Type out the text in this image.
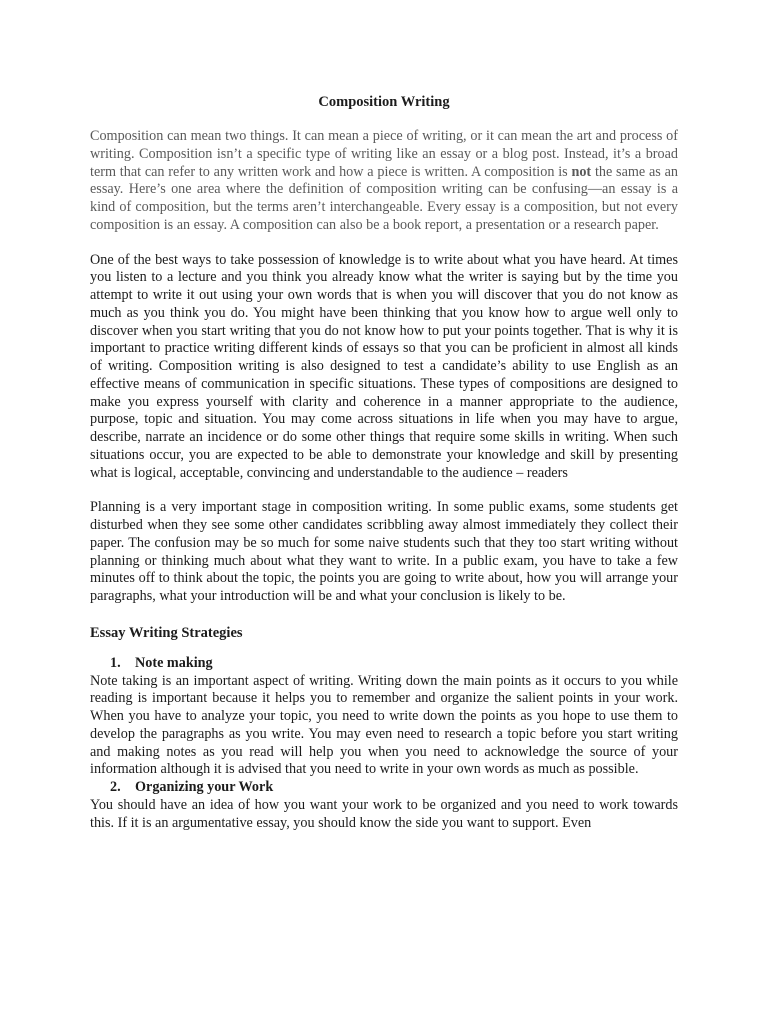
Composition Writing

Composition can mean two things. It can mean a piece of writing, or it can mean the art and process of writing. Composition isn’t a specific type of writing like an essay or a blog post. Instead, it’s a broad term that can refer to any written work and how a piece is written. A composition is not the same as an essay. Here’s one area where the definition of composition writing can be confusing—an essay is a kind of composition, but the terms aren’t interchangeable. Every essay is a composition, but not every composition is an essay. A composition can also be a book report, a presentation or a research paper.

One of the best ways to take possession of knowledge is to write about what you have heard. At times you listen to a lecture and you think you already know what the writer is saying but by the time you attempt to write it out using your own words that is when you will discover that you do not know as much as you think you do. You might have been thinking that you know how to argue well only to discover when you start writing that you do not know how to put your points together. That is why it is important to practice writing different kinds of essays so that you can be proficient in almost all kinds of writing. Composition writing is also designed to test a candidate’s ability to use English as an effective means of communication in specific situations. These types of compositions are designed to make you express yourself with clarity and coherence in a manner appropriate to the audience, purpose, topic and situation. You may come across situations in life when you may have to argue, describe, narrate an incidence or do some other things that require some skills in writing. When such situations occur, you are expected to be able to demonstrate your knowledge and skill by presenting what is logical, acceptable, convincing and understandable to the audience – readers

Planning is a very important stage in composition writing. In some public exams, some students get disturbed when they see some other candidates scribbling away almost immediately they collect their paper. The confusion may be so much for some naive students such that they too start writing without planning or thinking much about what they want to write. In a public exam, you have to take a few minutes off to think about the topic, the points you are going to write about, how you will arrange your paragraphs, what your introduction will be and what your conclusion is likely to be.

Essay Writing Strategies
1. Note making

Note taking is an important aspect of writing. Writing down the main points as it occurs to you while reading is important because it helps you to remember and organize the salient points in your work. When you have to analyze your topic, you need to write down the points as you hope to use them to develop the paragraphs as you write. You may even need to research a topic before you start writing and making notes as you read will help you when you need to acknowledge the source of your information although it is advised that you need to write in your own words as much as possible.

2. Organizing your Work

You should have an idea of how you want your work to be organized and you need to work towards this. If it is an argumentative essay, you should know the side you want to support. Even
